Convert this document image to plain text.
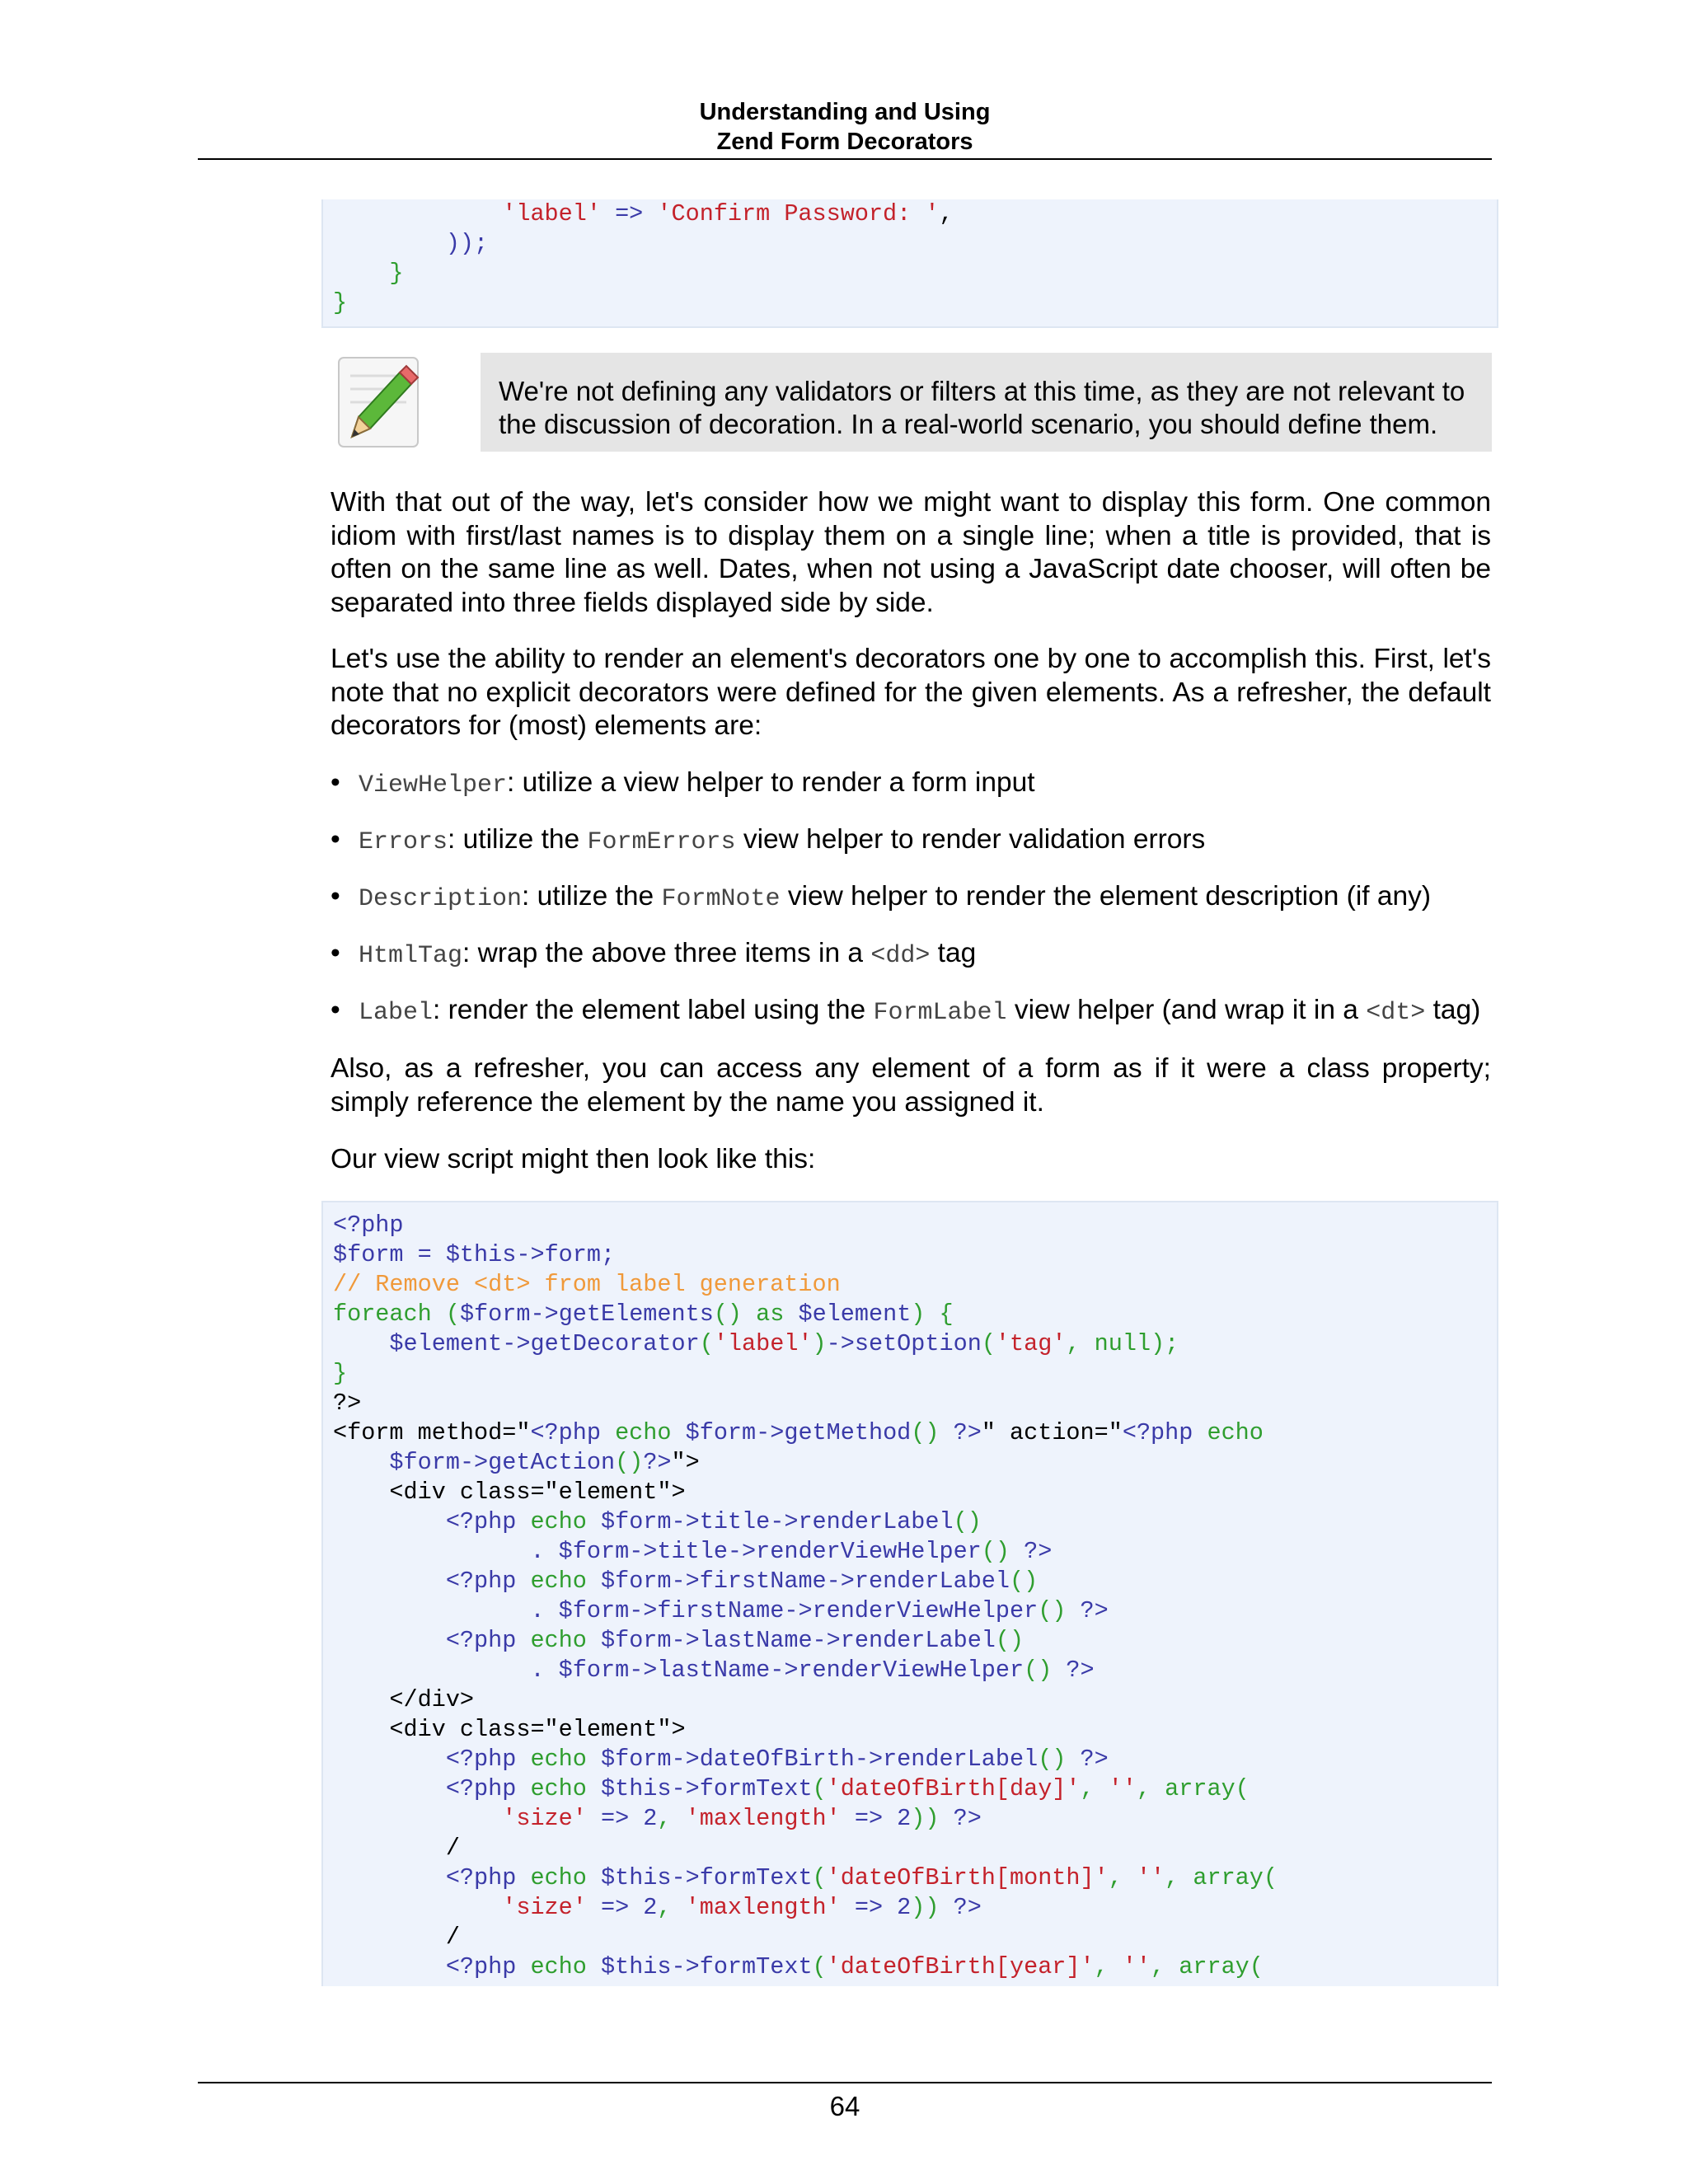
Understanding and Using
Zend Form Decorators
'label' => 'Confirm Password: ',
));
}
}
We're not defining any validators or filters at this time, as they are not relevant to the discussion of decoration. In a real-world scenario, you should define them.
With that out of the way, let's consider how we might want to display this form. One common idiom with first/last names is to display them on a single line; when a title is provided, that is often on the same line as well. Dates, when not using a JavaScript date chooser, will often be separated into three fields displayed side by side.
Let's use the ability to render an element's decorators one by one to accomplish this. First, let's note that no explicit decorators were defined for the given elements. As a refresher, the default decorators for (most) elements are:
• ViewHelper: utilize a view helper to render a form input
• Errors: utilize the FormErrors view helper to render validation errors
• Description: utilize the FormNote view helper to render the element description (if any)
• HtmlTag: wrap the above three items in a <dd> tag
• Label: render the element label using the FormLabel view helper (and wrap it in a <dt> tag)
Also, as a refresher, you can access any element of a form as if it were a class property; simply reference the element by the name you assigned it.
Our view script might then look like this:
<?php
$form = $this->form;
// Remove <dt> from label generation
foreach ($form->getElements() as $element) {
$element->getDecorator('label')->setOption('tag', null);
}
?>
<form method="<?php echo $form->getMethod() ?>" action="<?php echo
$form->getAction()?>">
<div class="element">
<?php echo $form->title->renderLabel()
. $form->title->renderViewHelper() ?>
<?php echo $form->firstName->renderLabel()
. $form->firstName->renderViewHelper() ?>
<?php echo $form->lastName->renderLabel()
. $form->lastName->renderViewHelper() ?>
</div>
<div class="element">
<?php echo $form->dateOfBirth->renderLabel() ?>
<?php echo $this->formText('dateOfBirth[day]', '', array(
'size' => 2, 'maxlength' => 2)) ?>
/
<?php echo $this->formText('dateOfBirth[month]', '', array(
'size' => 2, 'maxlength' => 2)) ?>
/
<?php echo $this->formText('dateOfBirth[year]', '', array(
64
